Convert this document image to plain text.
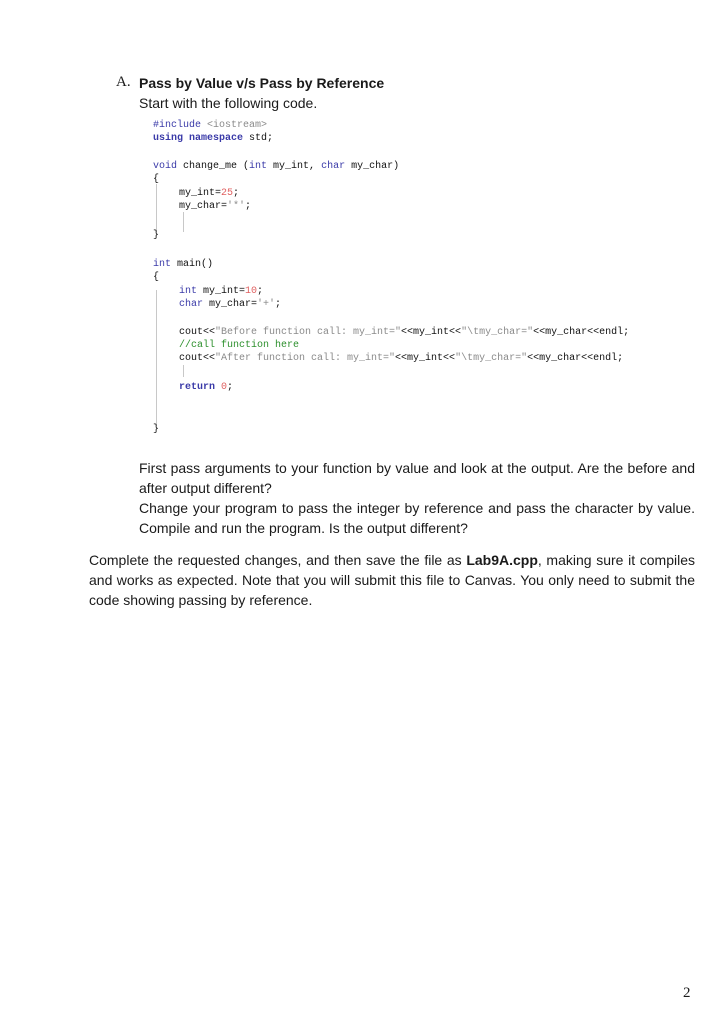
A. Pass by Value v/s Pass by Reference
Start with the following code.
#include <iostream>
using namespace std;
void change_me (int my_int, char my_char)
{
my_int=25;
my_char='*';
}
int main()
{
int my_int=10;
char my_char='+';
cout<<"Before function call: my_int="<<my_int<<"\tmy_char="<<my_char<<endl;
//call function here
cout<<"After function call: my_int="<<my_int<<"\tmy_char="<<my_char<<endl;
return 0;
}
First pass arguments to your function by value and look at the output. Are the before and after output different?
Change your program to pass the integer by reference and pass the character by value. Compile and run the program. Is the output different?
Complete the requested changes, and then save the file as Lab9A.cpp, making sure it compiles and works as expected. Note that you will submit this file to Canvas. You only need to submit the code showing passing by reference.
2
